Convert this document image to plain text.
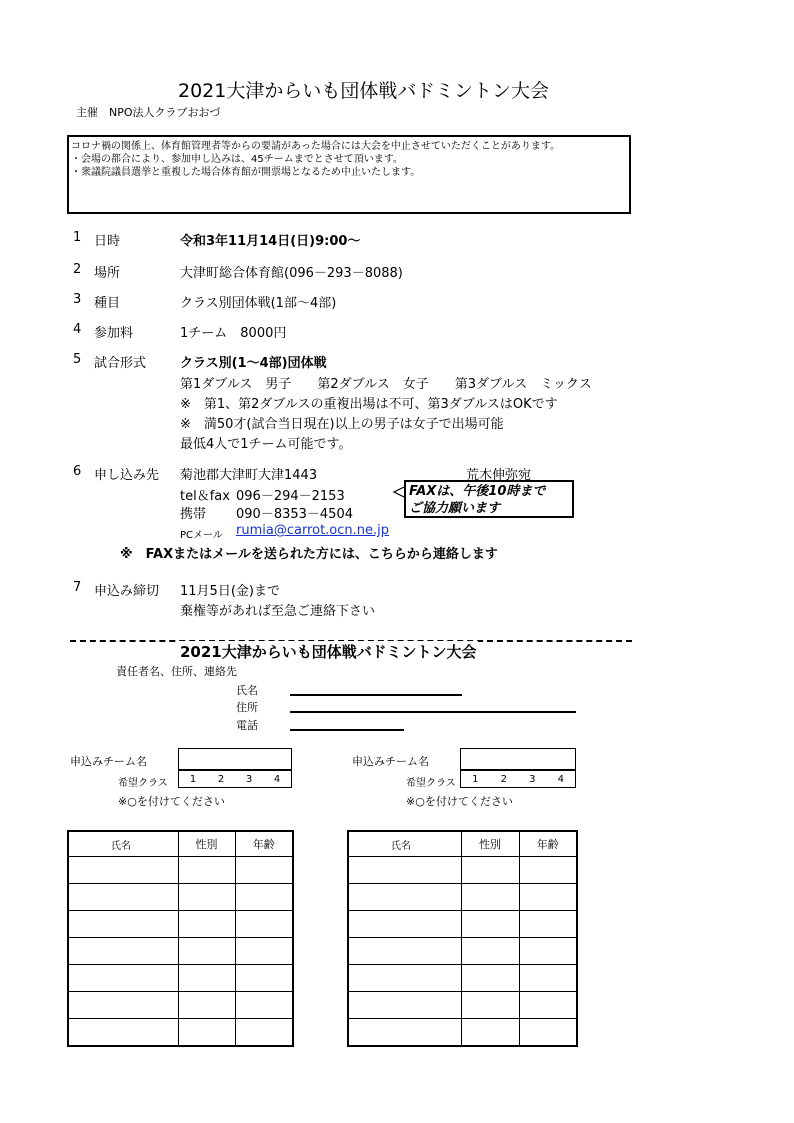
2021大津からいも団体戦バドミントン大会
主催　NPO法人クラブおおづ
コロナ禍の関係上、体育館管理者等からの要請があった場合には大会を中止させていただくことがあります。
・会場の都合により、参加申し込みは、45チームまでとさせて頂います。
・衆議院議員選挙と重複した場合体育館が開票場となるため中止いたします。
1 日時	令和3年11月14日(日)9:00～
2 場所	大津町総合体育館(096－293－8088)
3 種目	クラス別団体戦(1部～4部)
4 参加料	1チーム　8000円
5 試合形式	クラス別(1～4部)団体戦
第1ダブルス　男子　　第2ダブルス　女子　　第3ダブルス　ミックス
※　第1、第2ダブルスの重複出場は不可、第3ダブルスはOKです
※　満50才(試合当日現在)以上の男子は女子で出場可能
最低4人で1チーム可能です。
6 申し込み先 菊池郡大津町大津1443	荒木伸弥宛
tel＆fax 096－294－2153
携帯 090－8353－4504
FAXは、午後10時まで
ご協力願います
PCメール rumia@carrot.ocn.ne.jp
※　FAXまたはメールを送られた方には、こちらから連絡します
7 申込み締切 11月5日(金)まで
棄権等があれば至急ご連絡下さい
2021大津からいも団体戦バドミントン大会
責任者名、住所、連絡先
氏名
住所
電話
申込みチーム名
希望クラス	1	2	3	4
※○を付けてください
申込みチーム名
希望クラス	1	2	3	4
※○を付けてください
氏名	性別	年齢

			氏名	性別	年齢
